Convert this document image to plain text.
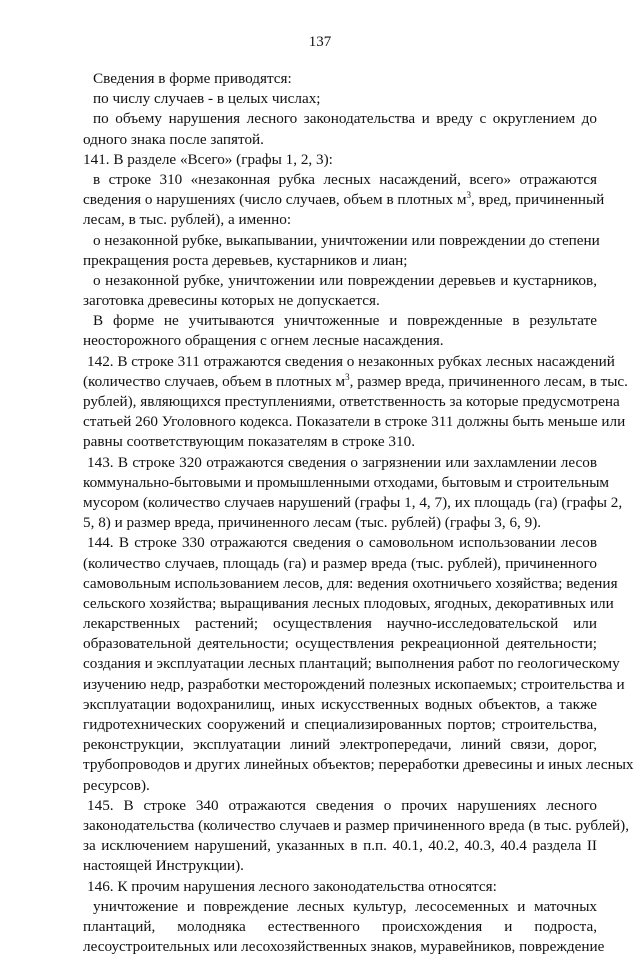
137
Сведения в форме приводятся:
по числу случаев - в целых числах;
по объему нарушения лесного законодательства и вреду с округлением до
одного знака после запятой.
141. В разделе «Всего» (графы 1, 2, 3):
в строке 310 «незаконная рубка лесных насаждений, всего» отражаются
сведения о нарушениях (число случаев, объем в плотных $м^3$, вред, причиненный
лесам, в тыс. рублей), а именно:
о незаконной рубке, выкапывании, уничтожении или повреждении до степени
прекращения роста деревьев, кустарников и лиан;
о незаконной рубке, уничтожении или повреждении деревьев и кустарников,
заготовка древесины которых не допускается.
В форме не учитываются уничтоженные и поврежденные в результате
неосторожного обращения с огнем лесные насаждения.
142. В строке 311 отражаются сведения о незаконных рубках лесных насаждений
(количество случаев, объем в плотных $м^3$, размер вреда, причиненного лесам, в тыс.
рублей), являющихся преступлениями, ответственность за которые предусмотрена
статьей 260 Уголовного кодекса. Показатели в строке 311 должны быть меньше или
равны соответствующим показателям в строке 310.
143. В строке 320 отражаются сведения о загрязнении или захламлении лесов
коммунально-бытовыми и промышленными отходами, бытовым и строительным
мусором (количество случаев нарушений (графы 1, 4, 7), их площадь (га) (графы 2,
5, 8) и размер вреда, причиненного лесам (тыс. рублей) (графы 3, 6, 9).
144. В строке 330 отражаются сведения о самовольном использовании лесов
(количество случаев, площадь (га) и размер вреда (тыс. рублей), причиненного
самовольным использованием лесов, для: ведения охотничьего хозяйства; ведения
сельского хозяйства; выращивания лесных плодовых, ягодных, декоративных или
лекарственных растений; осуществления научно-исследовательской или
образовательной деятельности; осуществления рекреационной деятельности;
создания и эксплуатации лесных плантаций; выполнения работ по геологическому
изучению недр, разработки месторождений полезных ископаемых; строительства и
эксплуатации водохранилищ, иных искусственных водных объектов, а также
гидротехнических сооружений и специализированных портов; строительства,
реконструкции, эксплуатации линий электропередачи, линий связи, дорог,
трубопроводов и других линейных объектов; переработки древесины и иных лесных
ресурсов).
145. В строке 340 отражаются сведения о прочих нарушениях лесного
законодательства (количество случаев и размер причиненного вреда (в тыс. рублей),
за исключением нарушений, указанных в п.п. 40.1, 40.2, 40.3, 40.4 раздела II
настоящей Инструкции).
146. К прочим нарушения лесного законодательства относятся:
уничтожение и повреждение лесных культур, лесосеменных и маточных
плантаций, молодняка естественного происхождения и подроста,
лесоустроительных или лесохозяйственных знаков, муравейников, повреждение
